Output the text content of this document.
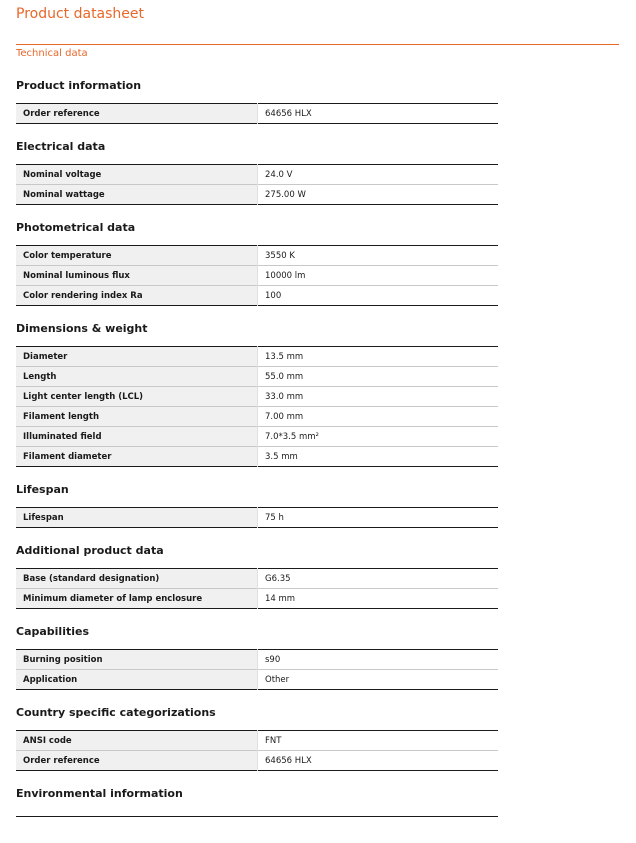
Product datasheet
Technical data
Product information
Order reference	64656 HLX
Electrical data
Nominal voltage	24.0 V
Nominal wattage	275.00 W
Photometrical data
Color temperature	3550 K
Nominal luminous flux	10000 lm
Color rendering index Ra	100
Dimensions & weight
Diameter	13.5 mm
Length	55.0 mm
Light center length (LCL)	33.0 mm
Filament length	7.00 mm
Illuminated field	7.0*3.5 mm²
Filament diameter	3.5 mm
Lifespan
Lifespan	75 h
Additional product data
Base (standard designation)	G6.35
Minimum diameter of lamp enclosure	14 mm
Capabilities
Burning position	s90
Application	Other
Country specific categorizations
ANSI code	FNT
Order reference	64656 HLX
Environmental information
